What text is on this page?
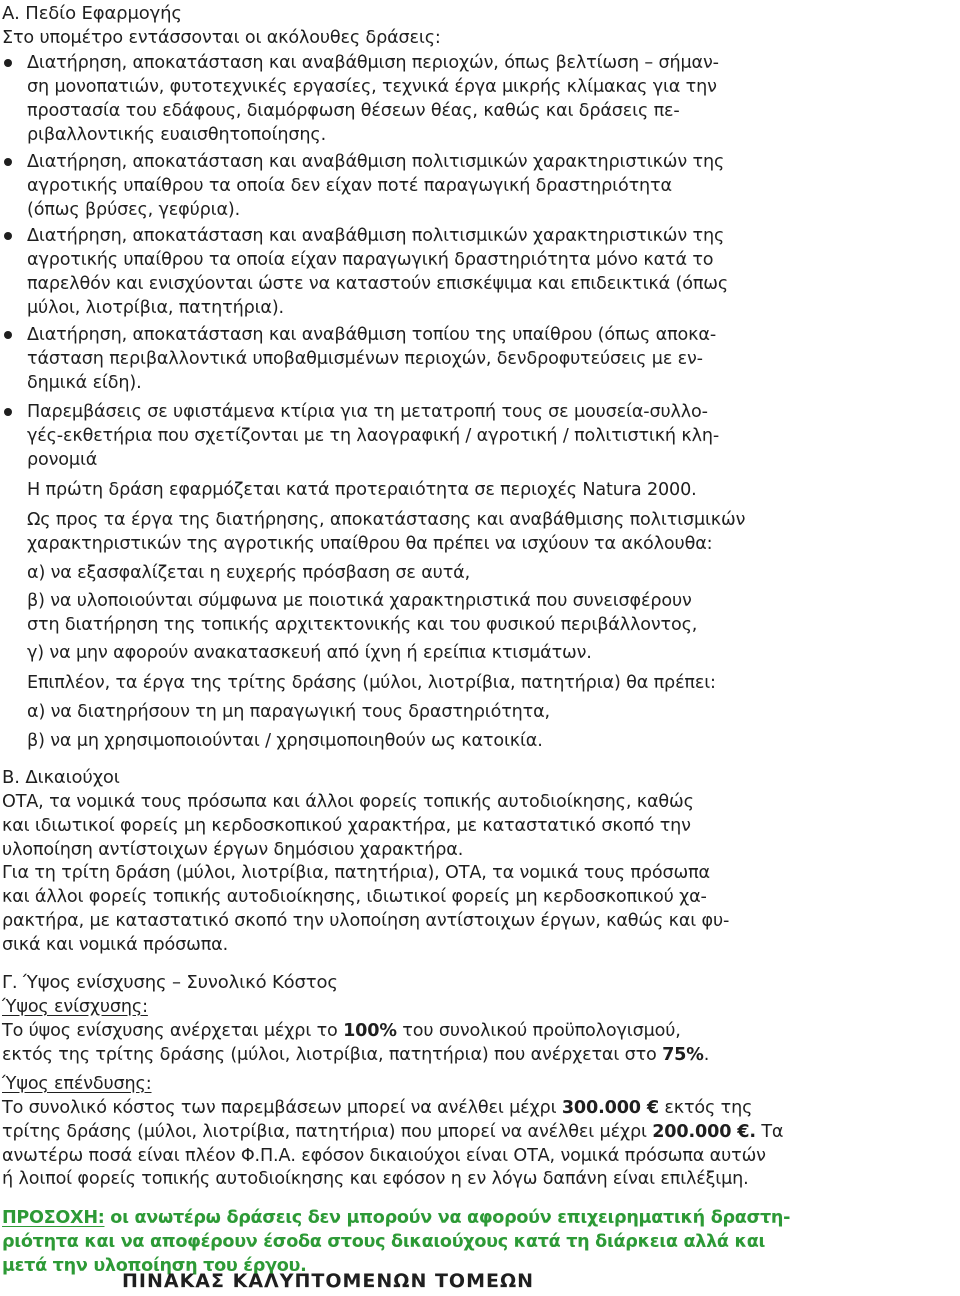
Α. Πεδίο Εφαρμογής
Στο υπομέτρο εντάσσονται οι ακόλουθες δράσεις:
Διατήρηση, αποκατάσταση και αναβάθμιση περιοχών, όπως βελτίωση – σήμαν-
ση μονοπατιών, φυτοτεχνικές εργασίες, τεχνικά έργα μικρής κλίμακας για την
προστασία του εδάφους, διαμόρφωση θέσεων θέας, καθώς και δράσεις πε-
ριβαλλοντικής ευαισθητοποίησης.
Διατήρηση, αποκατάσταση και αναβάθμιση πολιτισμικών χαρακτηριστικών της
αγροτικής υπαίθρου τα οποία δεν είχαν ποτέ παραγωγική δραστηριότητα
(όπως βρύσες, γεφύρια).
Διατήρηση, αποκατάσταση και αναβάθμιση πολιτισμικών χαρακτηριστικών της
αγροτικής υπαίθρου τα οποία είχαν παραγωγική δραστηριότητα μόνο κατά το
παρελθόν και ενισχύονται ώστε να καταστούν επισκέψιμα και επιδεικτικά (όπως
μύλοι, λιοτρίβια, πατητήρια).
Διατήρηση, αποκατάσταση και αναβάθμιση τοπίου της υπαίθρου (όπως αποκα-
τάσταση περιβαλλοντικά υποβαθμισμένων περιοχών, δενδροφυτεύσεις με εν-
δημικά είδη).
Παρεμβάσεις σε υφιστάμενα κτίρια για τη μετατροπή τους σε μουσεία-συλλο-
γές-εκθετήρια που σχετίζονται με τη λαογραφική / αγροτική / πολιτιστική κλη-
ρονομιά
Η πρώτη δράση εφαρμόζεται κατά προτεραιότητα σε περιοχές Natura 2000.
Ως προς τα έργα της διατήρησης, αποκατάστασης και αναβάθμισης πολιτισμικών
χαρακτηριστικών της αγροτικής υπαίθρου θα πρέπει να ισχύουν τα ακόλουθα:
α) να εξασφαλίζεται η ευχερής πρόσβαση σε αυτά,
β) να υλοποιούνται σύμφωνα με ποιοτικά χαρακτηριστικά που συνεισφέρουν
στη διατήρηση της τοπικής αρχιτεκτονικής και του φυσικού περιβάλλοντος,
γ) να μην αφορούν ανακατασκευή από ίχνη ή ερείπια κτισμάτων.
Επιπλέον, τα έργα της τρίτης δράσης (μύλοι, λιοτρίβια, πατητήρια) θα πρέπει:
α) να διατηρήσουν τη μη παραγωγική τους δραστηριότητα,
β) να μη χρησιμοποιούνται / χρησιμοποιηθούν ως κατοικία.
Β. Δικαιούχοι
ΟΤΑ, τα νομικά τους πρόσωπα και άλλοι φορείς τοπικής αυτοδιοίκησης, καθώς
και ιδιωτικοί φορείς μη κερδοσκοπικού χαρακτήρα, με καταστατικό σκοπό την
υλοποίηση αντίστοιχων έργων δημόσιου χαρακτήρα.
Για τη τρίτη δράση (μύλοι, λιοτρίβια, πατητήρια), ΟΤΑ, τα νομικά τους πρόσωπα
και άλλοι φορείς τοπικής αυτοδιοίκησης, ιδιωτικοί φορείς μη κερδοσκοπικού χα-
ρακτήρα, με καταστατικό σκοπό την υλοποίηση αντίστοιχων έργων, καθώς και φυ-
σικά και νομικά πρόσωπα.
Γ. Ύψος ενίσχυσης – Συνολικό Κόστος
Ύψος ενίσχυσης:
Το ύψος ενίσχυσης ανέρχεται μέχρι το 100% του συνολικού προϋπολογισμού,
εκτός της τρίτης δράσης (μύλοι, λιοτρίβια, πατητήρια) που ανέρχεται στο 75%.
Ύψος επένδυσης:
Το συνολικό κόστος των παρεμβάσεων μπορεί να ανέλθει μέχρι 300.000 € εκτός της
τρίτης δράσης (μύλοι, λιοτρίβια, πατητήρια) που μπορεί να ανέλθει μέχρι 200.000 €. Τα
ανωτέρω ποσά είναι πλέον Φ.Π.Α. εφόσον δικαιούχοι είναι ΟΤΑ, νομικά πρόσωπα αυτών
ή λοιποί φορείς τοπικής αυτοδιοίκησης και εφόσον η εν λόγω δαπάνη είναι επιλέξιμη.
ΠΡΟΣΟΧΗ: οι ανωτέρω δράσεις δεν μπορούν να αφορούν επιχειρηματική δραστη-
ριότητα και να αποφέρουν έσοδα στους δικαιούχους κατά τη διάρκεια αλλά και
μετά την υλοποίηση του έργου.
ΠΙΝΑΚΑΣ ΚΑΛΥΠΤΟΜΕΝΩΝ ΤΟΜΕΩΝ
